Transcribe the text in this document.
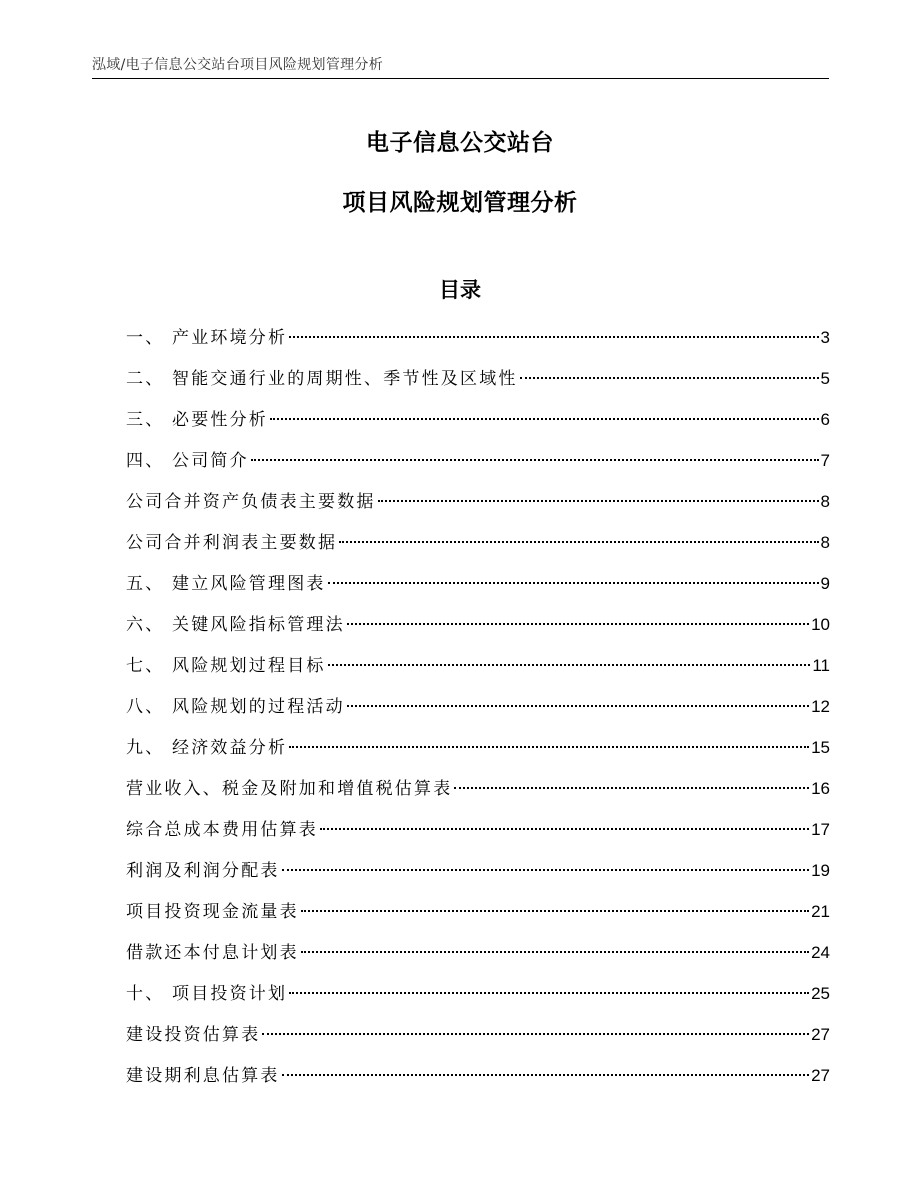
泓域/电子信息公交站台项目风险规划管理分析
电子信息公交站台
项目风险规划管理分析
目录
一、 产业环境分析	3
二、 智能交通行业的周期性、季节性及区域性	5
三、 必要性分析	6
四、 公司简介	7
公司合并资产负债表主要数据	8
公司合并利润表主要数据	8
五、 建立风险管理图表	9
六、 关键风险指标管理法	10
七、 风险规划过程目标	11
八、 风险规划的过程活动	12
九、 经济效益分析	15
营业收入、税金及附加和增值税估算表	16
综合总成本费用估算表	17
利润及利润分配表	19
项目投资现金流量表	21
借款还本付息计划表	24
十、 项目投资计划	25
建设投资估算表	27
建设期利息估算表	27
